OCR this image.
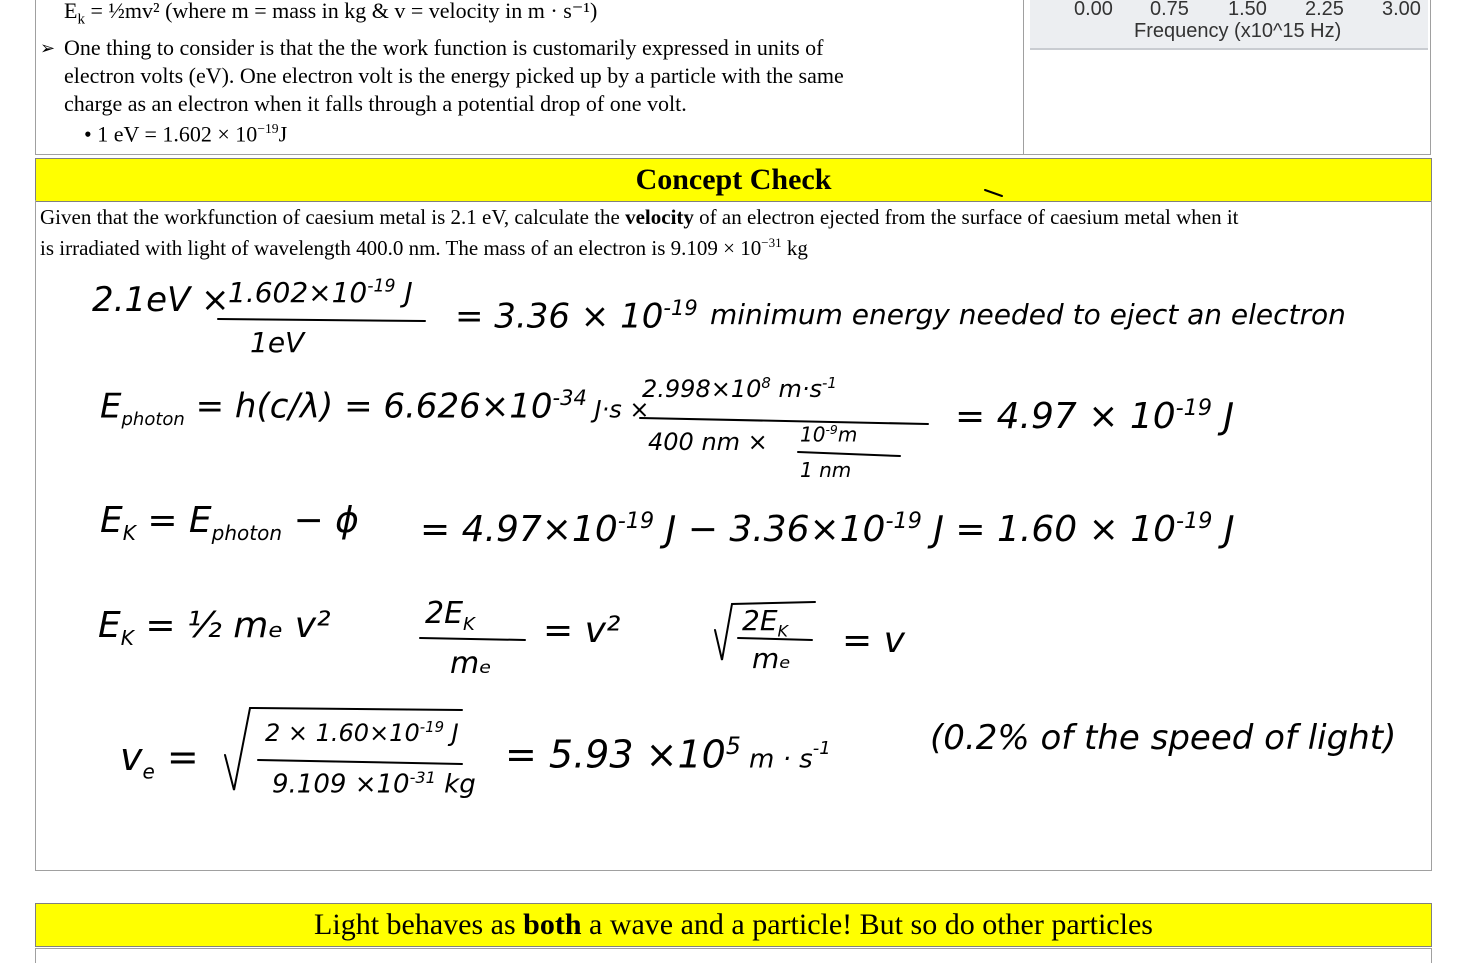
0.00 0.75 1.50 2.25 3.00
Frequency (x10^15 Hz)
$E_k$ = ½mv² (where m = mass in kg & v = velocity in m · s⁻¹)
➢ One thing to consider is that the the work function is customarily expressed in units of
electron volts (eV). One electron volt is the energy picked up by a particle with the same
charge as an electron when it falls through a potential drop of one volt.
• 1 eV = $1.602 \times 10^{-19}J$
Concept Check
Given that the workfunction of caesium metal is 2.1 eV, calculate the velocity of an electron ejected from the surface of caesium metal when it
is irradiated with light of wavelength 400.0 nm. The mass of an electron is $9.109 \times 10^{-31}$ kg
2.1eV ×
$1.602\times 10^{-19}$ J
1eV
= $3.36 \times 10^{-19}$ minimum energy needed to eject an electron
$E_{photon} = h(c/\lambda) = 6.626\times 10^{-34}$ J·s ×
$2.998\times 10^8$ $m\cdot s^{-1}$
400 nm × $10^{-9}m$
1 nm
= $4.97 \times 10^{-19}$ J
$E_K = E_{photon} - \phi = 4.97\times 10^{-19}$ $J - 3.36\times 10^{-19}$ $J = 1.60 \times 10^{-19}$ J
$E_K$ = ½ mₑ v²	$2E_K$
mₑ
= v²	$2E_K$
mₑ = v
$v_e$ =
$2 \times 1.60\times 10^{-19}$ J
$9.109 \times 10^{-31}$ kg
= $5.93 \times 10^5$ $m \cdot s^{-1}$	(0.2% of the speed of light)
Light behaves as both a wave and a particle! But so do other particles
